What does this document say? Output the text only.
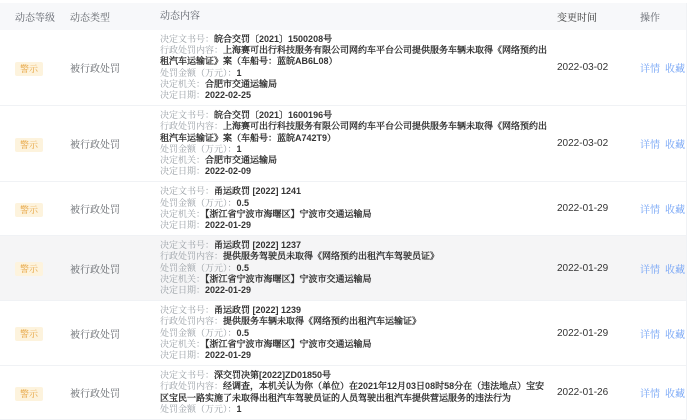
动态等级	动态类型	动态内容	变更时间	操作
警示	被行政处罚
决定文书号：皖合交罚〔2021〕1500208号
行政处罚内容：上海赛可出行科技服务有限公司网约车平台公司提供服务车辆未取得《网络预约出租汽车运输证》案（车船号：蓝皖AB6L08）
处罚金额（万元）：1
决定机关：合肥市交通运输局
决定日期：2022-02-25
2022-03-02	详情 收藏
警示	被行政处罚
决定文书号：皖合交罚〔2021〕1600196号
行政处罚内容：上海赛可出行科技服务有限公司网约车平台公司提供服务车辆未取得《网络预约出租汽车运输证》案（车船号：蓝皖A742T9）
处罚金额（万元）：1
决定机关：合肥市交通运输局
决定日期：2022-02-09
2022-03-02	详情 收藏
警示	被行政处罚
决定文书号：甬运政罚 [2022] 1241
处罚金额（万元）：0.5
决定机关：【浙江省宁波市海曙区】宁波市交通运输局
决定日期：2022-01-29
2022-01-29	详情 收藏
警示	被行政处罚
决定文书号：甬运政罚 [2022] 1237
行政处罚内容：提供服务驾驶员未取得《网络预约出租汽车驾驶员证》
处罚金额（万元）：0.5
决定机关：【浙江省宁波市海曙区】宁波市交通运输局
决定日期：2022-01-29
2022-01-29	详情 收藏
警示	被行政处罚
决定文书号：甬运政罚 [2022] 1239
行政处罚内容：提供服务车辆未取得《网络预约出租汽车运输证》
处罚金额（万元）：0.5
决定机关：【浙江省宁波市海曙区】宁波市交通运输局
决定日期：2022-01-29
2022-01-29	详情 收藏
警示	被行政处罚
决定文书号：深交罚决第[2022]ZD01850号
行政处罚内容：经调查，本机关认为你（单位）在2021年12月03日08时58分在（违法地点）宝安区宝民一路实施了未取得出租汽车驾驶员证的人员驾驶出租汽车提供营运服务的违法行为
处罚金额（万元）：1
2022-01-26	详情 收藏
